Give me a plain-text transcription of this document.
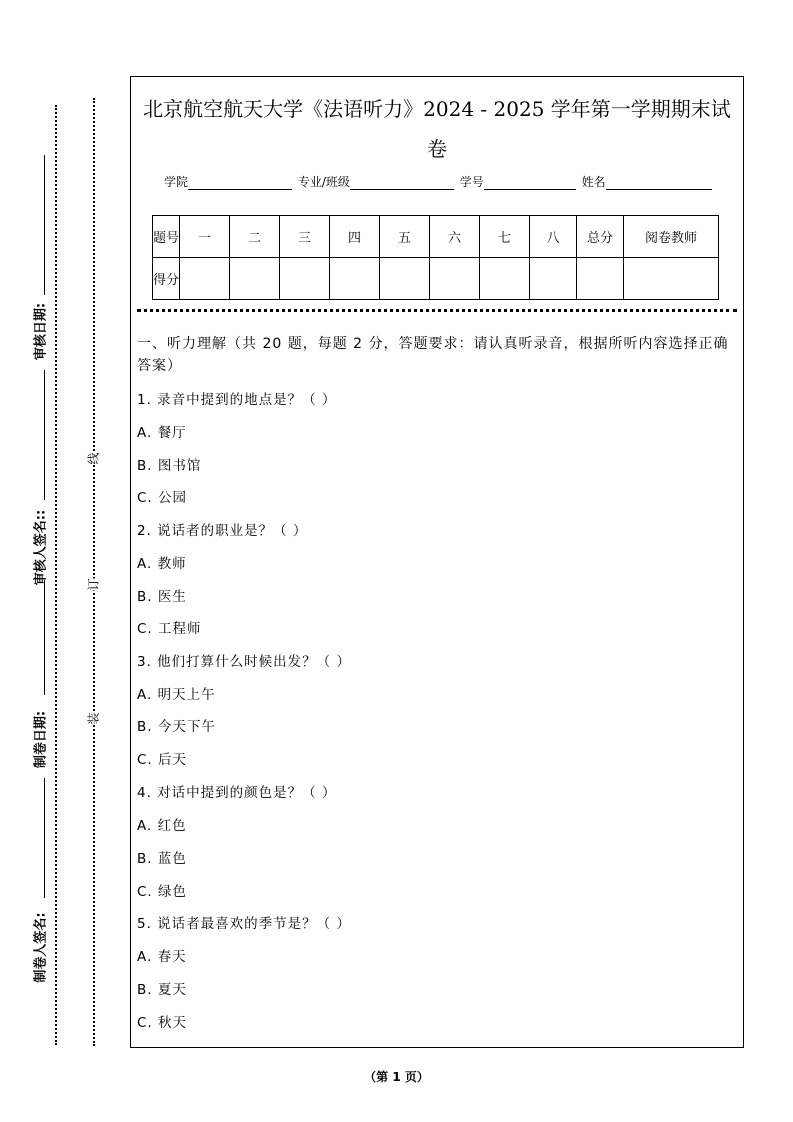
审核日期:
审核人签名::
制卷日期:
制卷人签名:
线
订
装
北京航空航天大学《法语听力》2024 - 2025 学年第一学期期末试卷
学院	专业/班级	学号	姓名
题号	一	二	三	四	五	六	七	八	总分	阅卷教师
得分										
一、听力理解（共 20 题，每题 2 分，答题要求：请认真听录音，根据所听内容选择正确答案）
1. 录音中提到的地点是？（ ）
A. 餐厅
B. 图书馆
C. 公园
2. 说话者的职业是？（ ）
A. 教师
B. 医生
C. 工程师
3. 他们打算什么时候出发？（ ）
A. 明天上午
B. 今天下午
C. 后天
4. 对话中提到的颜色是？（ ）
A. 红色
B. 蓝色
C. 绿色
5. 说话者最喜欢的季节是？（ ）
A. 春天
B. 夏天
C. 秋天
（第 1 页）
